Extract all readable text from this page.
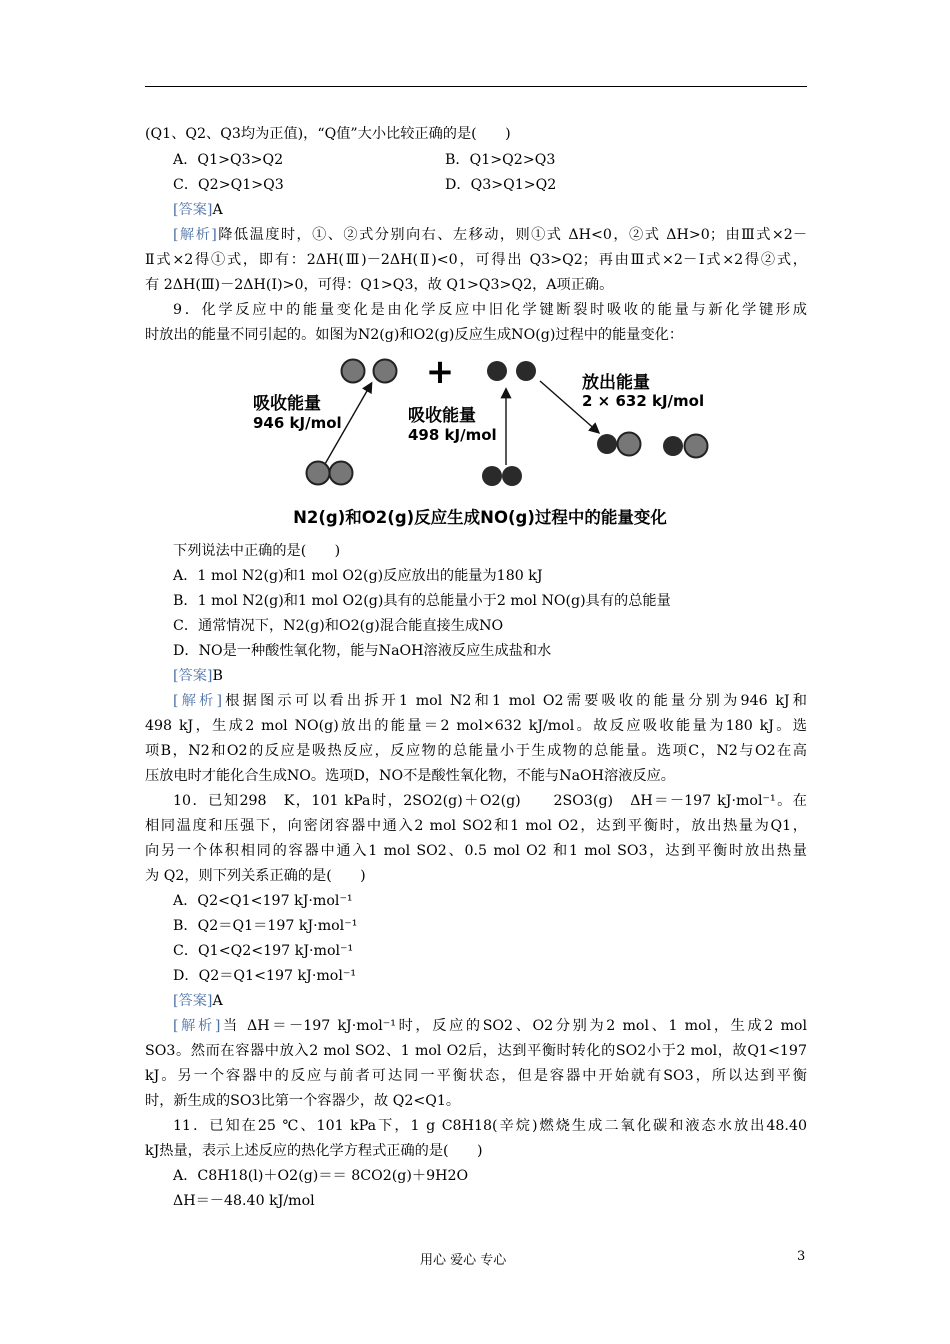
(Q1、Q2、Q3均为正值)，“Q值”大小比较正确的是(　　)
A．Q1>Q3>Q2	B．Q1>Q2>Q3
C．Q2>Q1>Q3	D．Q3>Q1>Q2
[答案]A
[解析]降低温度时，①、②式分别向右、左移动，则①式 ΔH<0，②式 ΔH>0；由Ⅲ式×2－
Ⅱ式×2得①式，即有：2ΔH(Ⅲ)－2ΔH(Ⅱ)<0，可得出 Q3>Q2；再由Ⅲ式×2－Ⅰ式×2得②式，
有 2ΔH(Ⅲ)－2ΔH(Ⅰ)>0，可得：Q1>Q3，故 Q1>Q3>Q2，A项正确。
9．化学反应中的能量变化是由化学反应中旧化学键断裂时吸收的能量与新化学键形成
时放出的能量不同引起的。如图为N2(g)和O2(g)反应生成NO(g)过程中的能量变化：
+
吸收能量
946 kJ/mol	吸收能量
498 kJ/mol
放出能量
2 × 632 kJ/mol
N2(g)和O2(g)反应生成NO(g)过程中的能量变化
下列说法中正确的是(　　)
A．1 mol N2(g)和1 mol O2(g)反应放出的能量为180 kJ
B．1 mol N2(g)和1 mol O2(g)具有的总能量小于2 mol NO(g)具有的总能量
C．通常情况下，N2(g)和O2(g)混合能直接生成NO
D．NO是一种酸性氧化物，能与NaOH溶液反应生成盐和水
[答案]B
[解析]根据图示可以看出拆开1 mol N2和1 mol O2需要吸收的能量分别为946 kJ和
498 kJ，生成2 mol NO(g)放出的能量＝2 mol×632 kJ/mol。故反应吸收能量为180 kJ。选
项B，N2和O2的反应是吸热反应，反应物的总能量小于生成物的总能量。选项C，N2与O2在高
压放电时才能化合生成NO。选项D，NO不是酸性氧化物，不能与NaOH溶液反应。
10．已知298　K，101 kPa时，2SO2(g)＋O2(g)　　2SO3(g)　ΔH＝－197 kJ·mol⁻¹。在
相同温度和压强下，向密闭容器中通入2 mol SO2和1 mol O2，达到平衡时，放出热量为Q1，
向另一个体积相同的容器中通入1 mol SO2、0.5 mol O2 和1 mol SO3，达到平衡时放出热量
为 Q2，则下列关系正确的是(　　)
A．Q2<Q1<197 kJ·mol⁻¹
B．Q2＝Q1＝197 kJ·mol⁻¹
C．Q1<Q2<197 kJ·mol⁻¹
D．Q2＝Q1<197 kJ·mol⁻¹
[答案]A
[解析]当 ΔH＝－197 kJ·mol⁻¹时，反应的SO2、O2分别为2 mol、1 mol，生成2 mol
SO3。然而在容器中放入2 mol SO2、1 mol O2后，达到平衡时转化的SO2小于2 mol，故Q1<197
kJ。另一个容器中的反应与前者可达同一平衡状态，但是容器中开始就有SO3，所以达到平衡
时，新生成的SO3比第一个容器少，故 Q2<Q1。
11．已知在25 ℃、101 kPa下，1 g C8H18(辛烷)燃烧生成二氧化碳和液态水放出48.40
kJ热量，表示上述反应的热化学方程式正确的是(　　)
A．C8H18(l)＋O2(g)＝＝ 8CO2(g)＋9H2O
ΔH＝－48.40 kJ/mol
用心 爱心 专心	3
